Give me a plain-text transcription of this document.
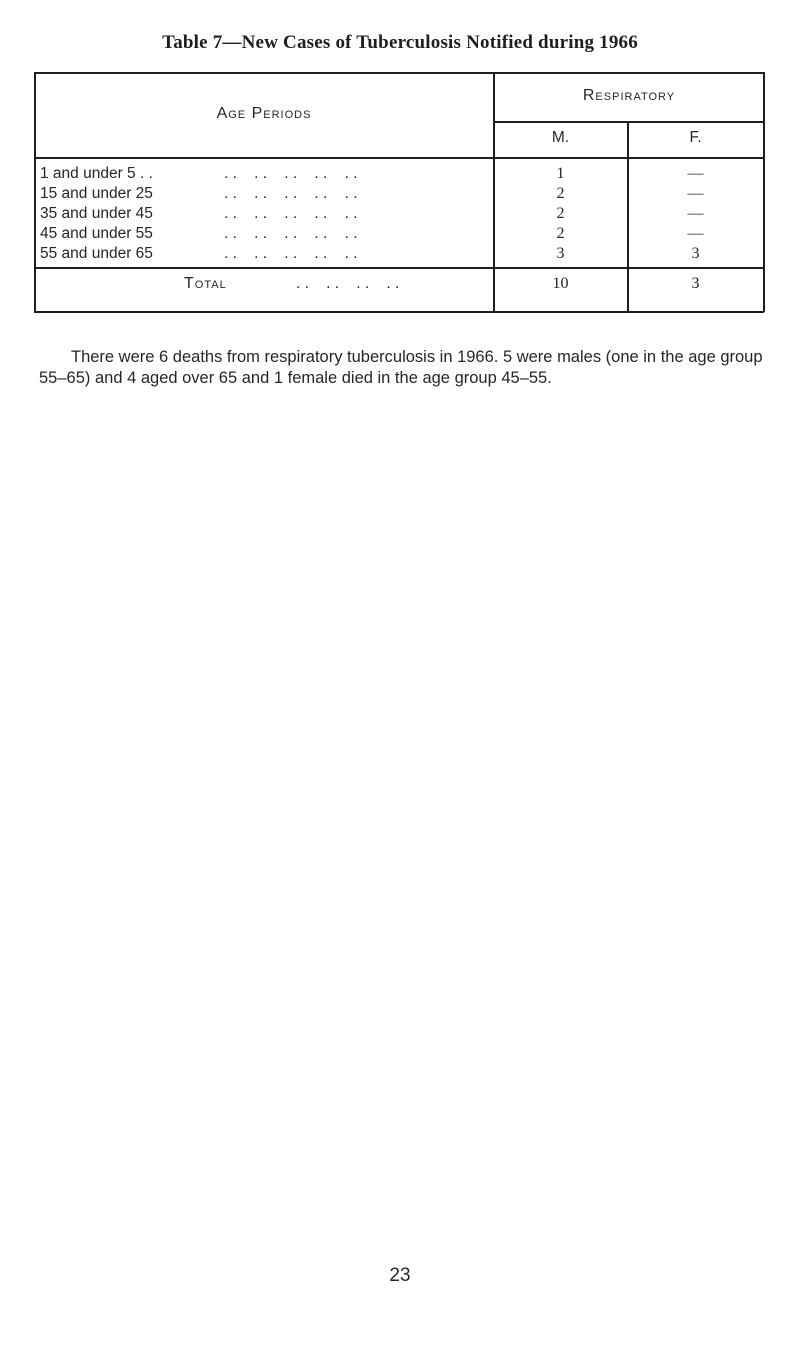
Table 7—New Cases of Tuberculosis Notified during 1966
Age Periods
Respiratory
M.	F.
1 and under 5 . .	. .    . .    . .    . .    . .	1	—
15 and under 25	. .    . .    . .    . .    . .	2	—
35 and under 45	. .    . .    . .    . .    . .	2	—
45 and under 55	. .    . .    . .    . .    . .	2	—
55 and under 65	. .    . .    . .    . .    . .	3	3
Total	. .    . .    . .    . .	10	3

There were 6 deaths from respiratory tuberculosis in 1966. 5 were males (one in the age group 55–65) and 4 aged over 65 and 1 female died in the age group 45–55.

23
